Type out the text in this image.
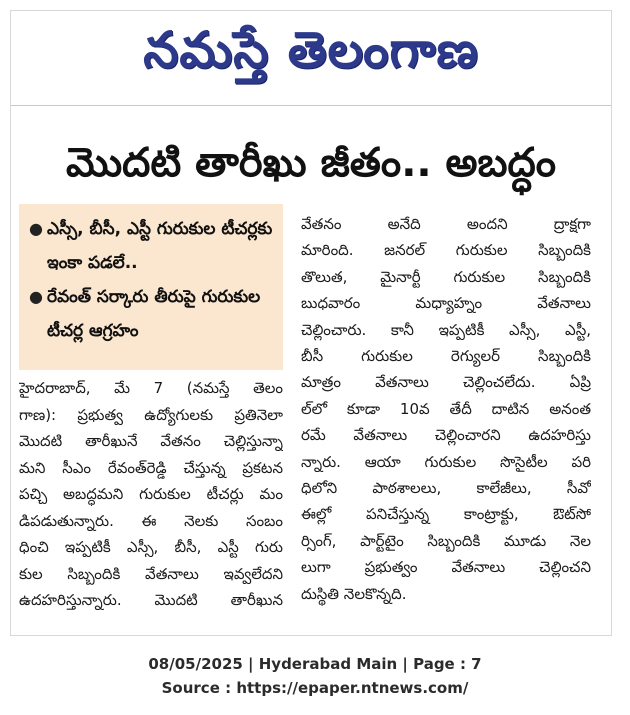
నమస్తే తెలంగాణ
మొదటి తారీఖు జీతం.. అబద్ధం
● ఎస్సీ, బీసీ, ఎస్టీ గురుకుల టీచర్లకు ఇంకా పడలే..
● రేవంత్ సర్కారు తీరుపై గురుకుల టీచర్ల ఆగ్రహం
హైదరాబాద్, మే 7 (నమస్తే తెలం
గాణ): ప్రభుత్వ ఉద్యోగులకు ప్రతినెలా
మొదటి తారీఖునే వేతనం చెల్లిస్తున్నా
మని సీఎం రేవంత్‌రెడ్డి చేస్తున్న ప్రకటన
పచ్చి అబద్ధమని గురుకుల టీచర్లు మం
డిపడుతున్నారు. ఈ నెలకు సంబం
ధించి ఇప్పటికీ ఎస్సీ, బీసీ, ఎస్టీ గురు
కుల సిబ్బందికి వేతనాలు ఇవ్వలేదని
ఉదహరిస్తున్నారు. మొదటి తారీఖున
వేతనం అనేది అందని ద్రాక్షగా
మారింది. జనరల్ గురుకుల సిబ్బందికి
తొలుత, మైనార్టీ గురుకుల సిబ్బందికి
బుధవారం మధ్యాహ్నం వేతనాలు
చెల్లించారు. కానీ ఇప్పటికీ ఎస్సీ, ఎస్టీ,
బీసీ గురుకుల రెగ్యులర్ సిబ్బందికి
మాత్రం వేతనాలు చెల్లించలేదు. ఏప్రి
ల్‌లో కూడా 10వ తేదీ దాటిన అనంత
రమే వేతనాలు చెల్లించారని ఉదహరిస్తు
న్నారు. ఆయా గురుకుల సొసైటీల పరి
ధిలోని పాఠశాలలు, కాలేజీలు, సీవో
ఈల్లో పనిచేస్తున్న కాంట్రాక్టు, ఔట్‌సో
ర్సింగ్, పార్ట్‌టైం సిబ్బందికి మూడు నెల
లుగా ప్రభుత్వం వేతనాలు చెల్లించని
దుస్థితి నెలకొన్నది.
08/05/2025 | Hyderabad Main | Page : 7
Source : https://epaper.ntnews.com/
